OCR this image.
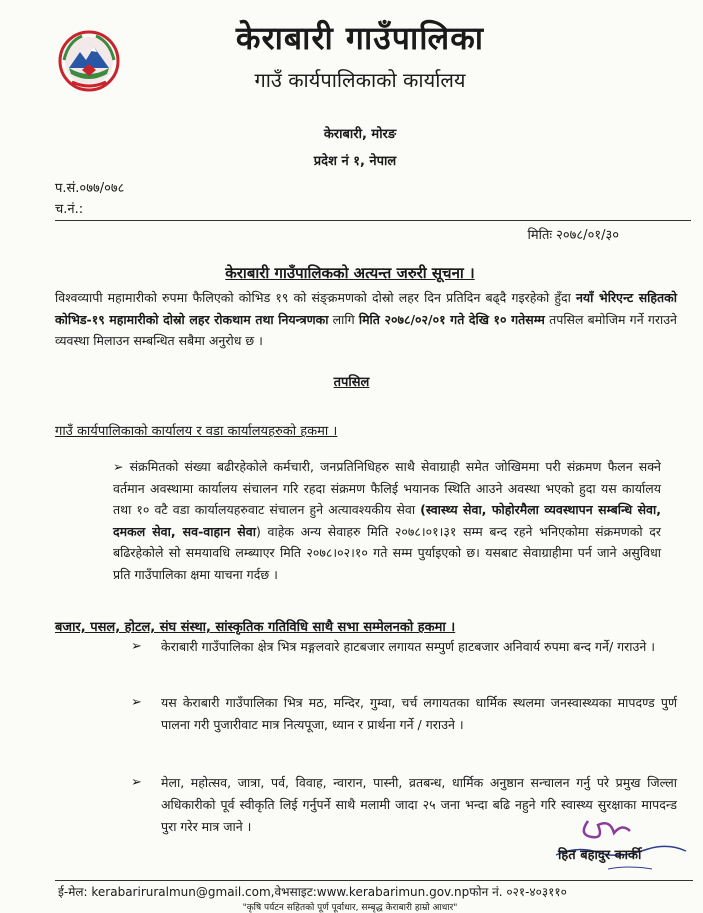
केराबारी गाउँपालिका
गाउँ कार्यपालिकाको कार्यालय
केराबारी, मोरङ
प्रदेश नं १, नेपाल
प.सं.०७७/०७८
च.नं.:
मितिः २०७८/०१/३०
केराबारी गाउँपालिकको अत्यन्त जरुरी सूचना ।
विश्वव्यापी महामारीको रुपमा फैलिएको कोभिड १९ को संङ्क्रमणको दोस्रो लहर दिन प्रतिदिन बढ्दै गइरहेको हुँदा नयाँ भेरिएन्ट सहितको कोभिड-१९ महामारीको दोस्रो लहर रोकथाम तथा नियन्त्रणका लागि मिति २०७८/०२/०१ गते देखि १० गतेसम्म तपसिल बमोजिम गर्ने गराउने व्यवस्था मिलाउन सम्बन्धित सबैमा अनुरोध छ ।
तपसिल
गाउँ कार्यपालिकाको कार्यालय र वडा कार्यालयहरुको हकमा ।
➢ संक्रमितको संख्या बढीरहेकोले कर्मचारी, जनप्रतिनिधिहरु साथै सेवाग्राही समेत जोखिममा परी संक्रमण फैलन सक्ने वर्तमान अवस्थामा कार्यालय संचालन गरि रहदा संक्रमण फैलिई भयानक स्थिति आउने अवस्था भएको हुदा यस कार्यालय तथा १० वटै वडा कार्यालयहरुवाट संचालन हुने अत्यावश्यकीय सेवा (स्वास्थ्य सेवा, फोहोरमैला व्यवस्थापन सम्बन्धि सेवा, दमकल सेवा, सव-वाहान सेवा) वाहेक अन्य सेवाहरु मिति २०७८।०१।३१ सम्म बन्द रहने भनिएकोमा संक्रमणको दर बढिरहेकोले सो समयावधि लम्ब्याएर मिति २०७८।०२।१० गते सम्म पुर्याइएको छ। यसबाट सेवाग्राहीमा पर्न जाने असुविधा प्रति गाउँपालिका क्षमा याचना गर्दछ ।
बजार, पसल, होटल, संघ संस्था, सांस्कृतिक गतिविधि साथै सभा सम्मेलनको हकमा ।
➢	केराबारी गाउँपालिका क्षेत्र भित्र मङ्गलवारे हाटबजार लगायत सम्पुर्ण हाटबजार अनिवार्य रुपमा बन्द गर्ने/ गराउने ।
➢	यस केराबारी गाउँपालिका भित्र मठ, मन्दिर, गुम्वा, चर्च लगायतका धार्मिक स्थलमा जनस्वास्थ्यका मापदण्ड पुर्ण पालना गरी पुजारीवाट मात्र नित्यपूजा, ध्यान र प्रार्थना गर्ने / गराउने ।
➢	मेला, महोत्सव, जात्रा, पर्व, विवाह, न्वारान, पास्नी, व्रतबन्ध, धार्मिक अनुष्ठान सन्चालन गर्नु परे प्रमुख जिल्ला अधिकारीको पूर्व स्वीकृति लिई गर्नुपर्ने साथै मलामी जादा २५ जना भन्दा बढि नहुने गरि स्वास्थ्य सुरक्षाका मापदन्ड पुरा गरेर मात्र जाने ।
हित बहादुर कार्की
ई-मेल: kerabariruralmun@gmail.com,वेभसाइट:www.kerabarimun.gov.npफोन नं. ०२१-४०३११०
"कृषि पर्यटन सहितको पूर्ण पूर्वाधार, सम्बृद्ध केराबारी हाम्रो आधार"
